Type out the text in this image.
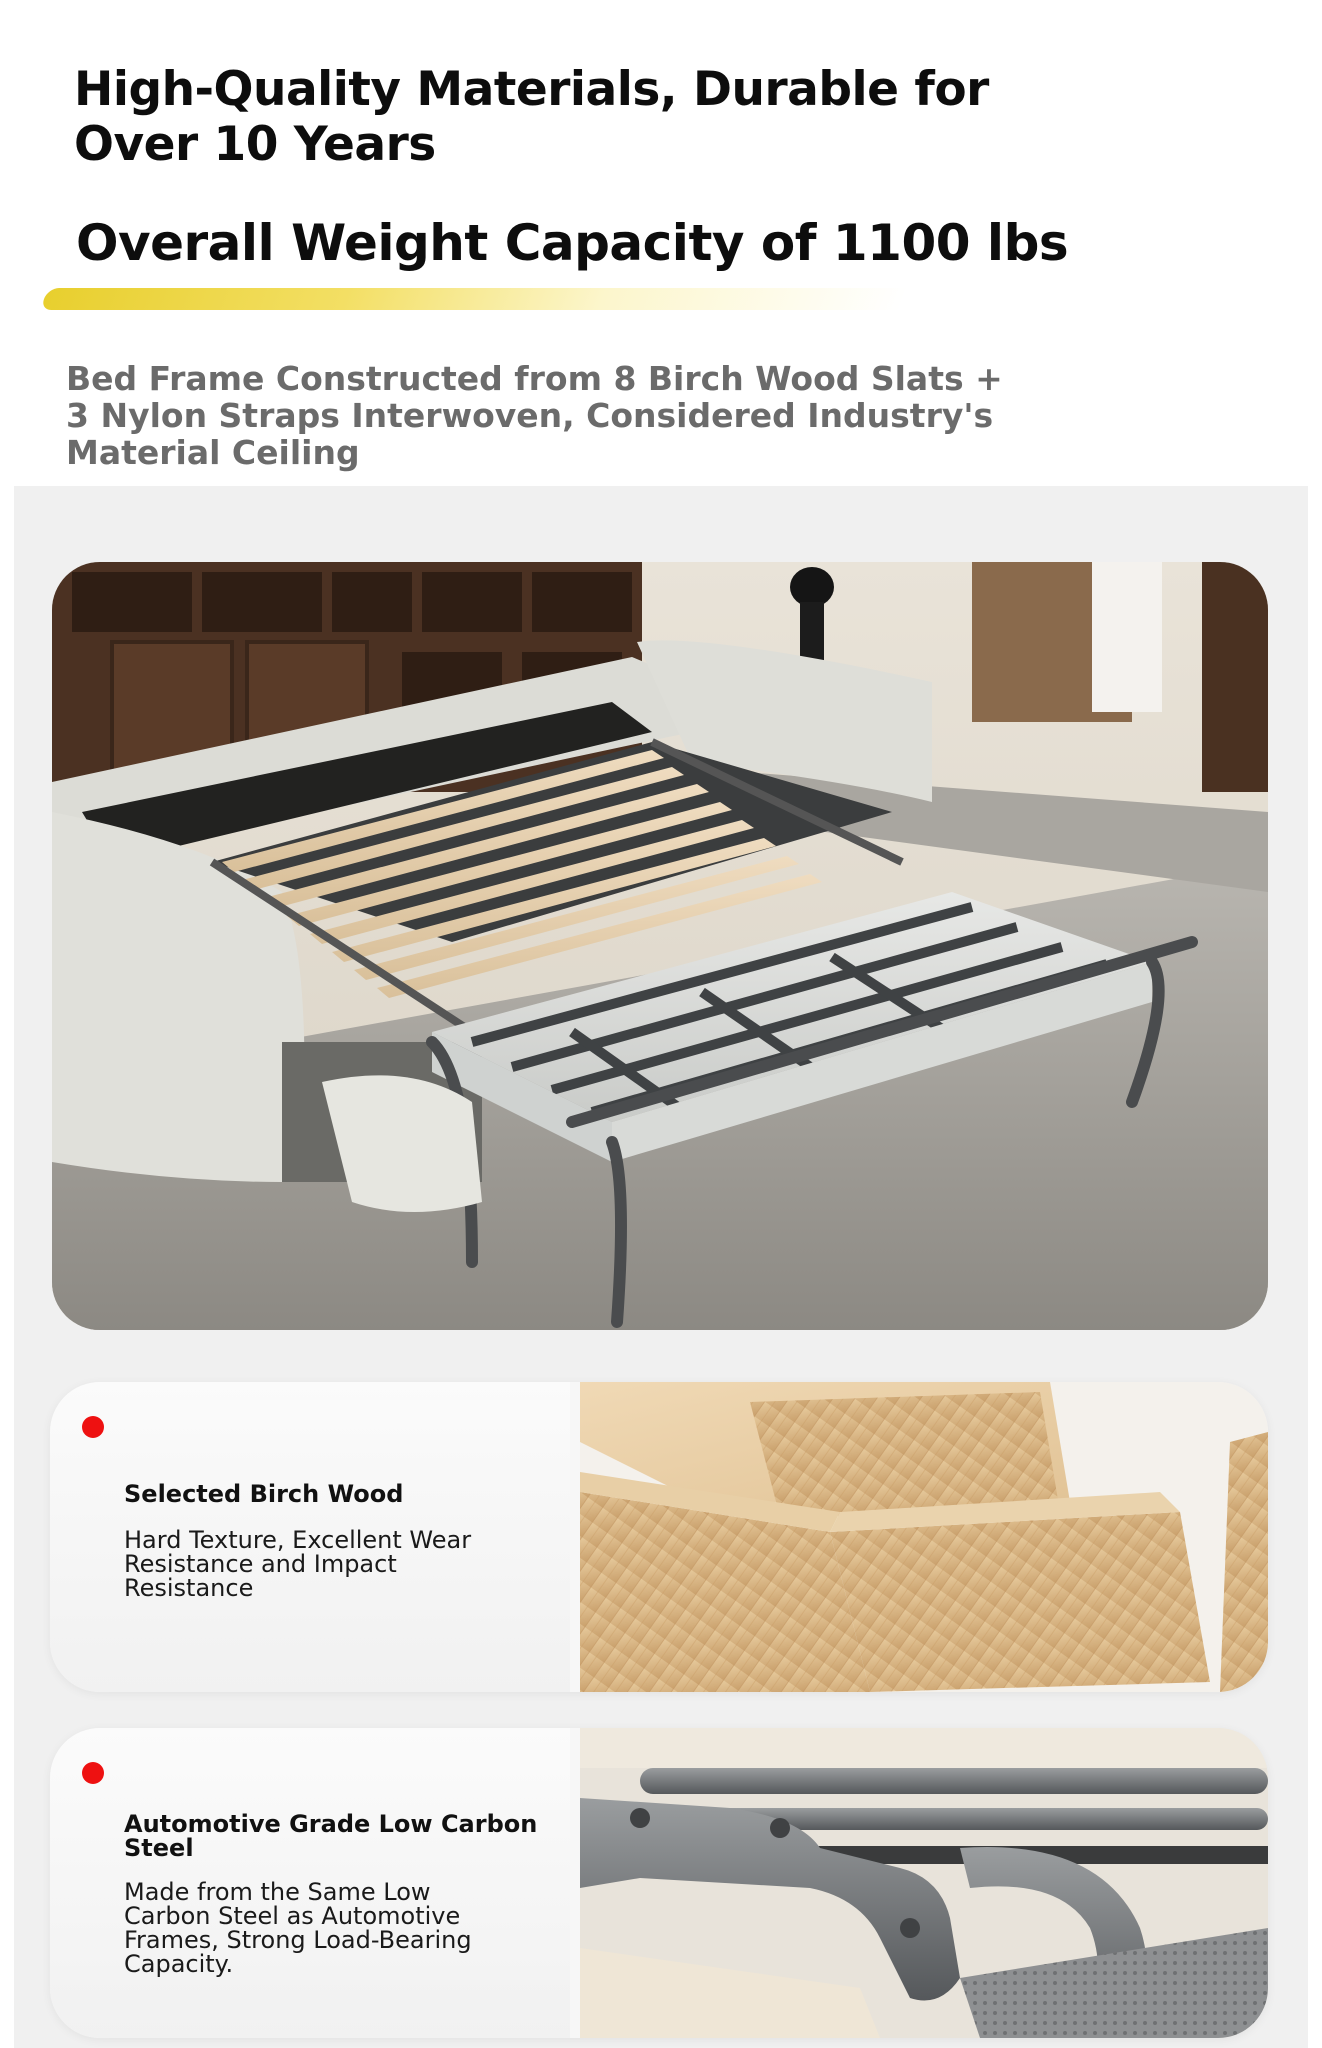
High-Quality Materials, Durable for Over 10 Years
Overall Weight Capacity of 1100 lbs

Bed Frame Constructed from 8 Birch Wood Slats + 3 Nylon Straps Interwoven, Considered Industry's Material Ceiling

Selected Birch Wood
Hard Texture, Excellent Wear Resistance and Impact Resistance
Automotive Grade Low Carbon Steel
Made from the Same Low Carbon Steel as Automotive Frames, Strong Load-Bearing Capacity.
